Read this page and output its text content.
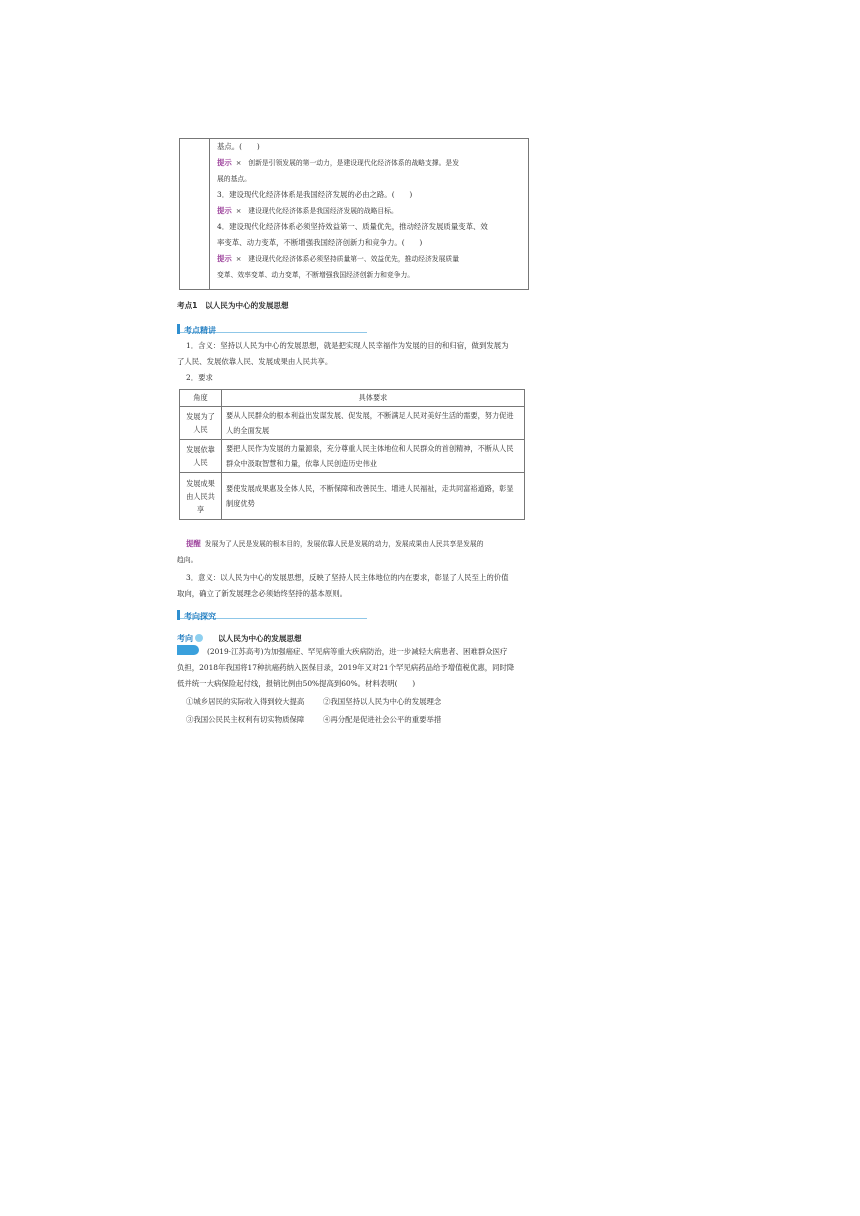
基点。(　　)
提示 ×　创新是引领发展的第一动力，是建设现代化经济体系的战略支撑。是发
展的基点。
3．建设现代化经济体系是我国经济发展的必由之路。(　　)
提示 ×　建设现代化经济体系是我国经济发展的战略目标。
4．建设现代化经济体系必须坚持效益第一、质量优先，推动经济发展质量变革、效
率变革、动力变革，不断增强我国经济创新力和竞争力。(　　)
提示 ×　建设现代化经济体系必须坚持质量第一、效益优先，推动经济发展质量
变革、效率变革、动力变革，不断增强我国经济创新力和竞争力。
考点1　以人民为中心的发展思想
考点精讲
1．含义：坚持以人民为中心的发展思想，就是把实现人民幸福作为发展的目的和归宿，做到发展为
了人民、发展依靠人民、发展成果由人民共享。
2．要求
角度	具体要求
发展为了人民	要从人民群众的根本利益出发谋发展、促发展，不断满足人民对美好生活的需要，努力促进人的全面发展
发展依靠人民	要把人民作为发展的力量源泉，充分尊重人民主体地位和人民群众的首创精神，不断从人民群众中汲取智慧和力量，依靠人民创造历史伟业
发展成果由人民共享	要使发展成果惠及全体人民，不断保障和改善民生、增进人民福祉，走共同富裕道路，彰显制度优势
提醒 发展为了人民是发展的根本目的，发展依靠人民是发展的动力，发展成果由人民共享是发展的
趋向。
3．意义：以人民为中心的发展思想，反映了坚持人民主体地位的内在要求，彰显了人民至上的价值
取向，确立了新发展理念必须始终坚持的基本原则。
考向探究
考向	以人民为中心的发展思想
(2019·江苏高考)为加强癌症、罕见病等重大疾病防治，进一步减轻大病患者、困难群众医疗
负担，2018年我国将17种抗癌药纳入医保目录，2019年又对21个罕见病药品给予增值税优惠，同时降
低并统一大病保险起付线，报销比例由50%提高到60%。材料表明(　　)
①城乡居民的实际收入得到较大提高	②我国坚持以人民为中心的发展理念
③我国公民民主权利有切实物质保障	④再分配是促进社会公平的重要举措
